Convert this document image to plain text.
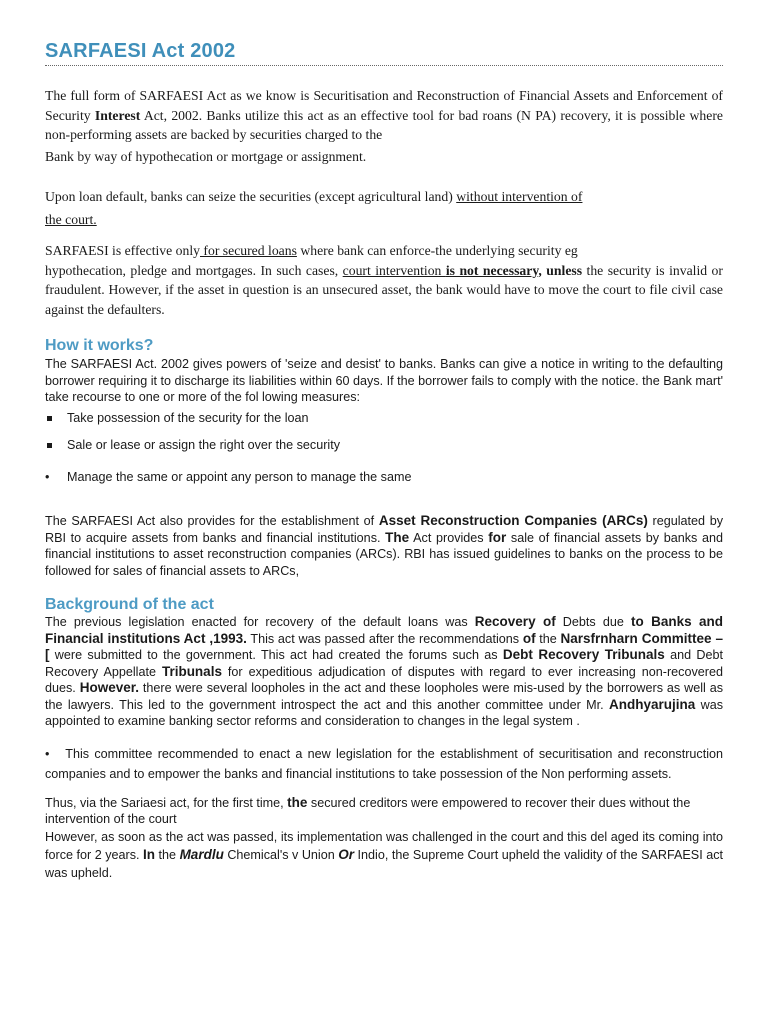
SARFAESI Act 2002

The full form of SARFAESI Act as we know is Securitisation and Reconstruction of Financial Assets and Enforcement of Security Interest Act, 2002. Banks utilize this act as an effective tool for bad roans (N PA) recovery, it is possible where non-performing assets are backed by securities charged to the

Bank by way of hypothecation or mortgage or assignment.

Upon loan default, banks can seize the securities (except agricultural land) without intervention of

the court.

SARFAESI is effective only for secured loans where bank can enforce-the underlying security eg

hypothecation, pledge and mortgages. In such cases, court intervention is not necessary, unless the security is invalid or fraudulent. However, if the asset in question is an unsecured asset, the bank would have to move the court to file civil case against the defaulters.

How it works?

The SARFAESI Act. 2002 gives powers of 'seize and desist' to banks. Banks can give a notice in writing to the defaulting borrower requiring it to discharge its liabilities within 60 days. If the borrower fails to comply with the notice. the Bank mart' take recourse to one or more of the fol lowing measures:

Take possession of the security for the loan
Sale or lease or assign the right over the security
• Manage the same or appoint any person to manage the same

The SARFAESI Act also provides for the establishment of Asset Reconstruction Companies (ARCs) regulated by RBI to acquire assets from banks and financial institutions. The Act provides for sale of financial assets by banks and financial institutions to asset reconstruction companies (ARCs). RBI has issued guidelines to banks on the process to be followed for sales of financial assets to ARCs,

Background of the act

The previous legislation enacted for recovery of the default loans was Recovery of Debts due to Banks and Financial institutions Act ,1993. This act was passed after the recommendations of the Narsfrnharn Committee – [ were submitted to the government. This act had created the forums such as Debt Recovery Tribunals and Debt Recovery Appellate Tribunals for expeditious adjudication of disputes with regard to ever increasing non-recovered dues. However. there were several loopholes in the act and these loopholes were mis-used by the borrowers as well as the lawyers. This led to the government introspect the act and this another committee under Mr. Andhyarujina was appointed to examine banking sector reforms and consideration to changes in the legal system .

• This committee recommended to enact a new legislation for the establishment of securitisation and reconstruction companies and to empower the banks and financial institutions to take possession of the Non performing assets.

Thus, via the Sariaesi act, for the first time, the secured creditors were empowered to recover their dues without the intervention of the court

However, as soon as the act was passed, its implementation was challenged in the court and this del aged its coming into force for 2 years. In the Mardlu Chemical's v Union Or Indio, the Supreme Court upheld the validity of the SARFAESI act was upheld.
